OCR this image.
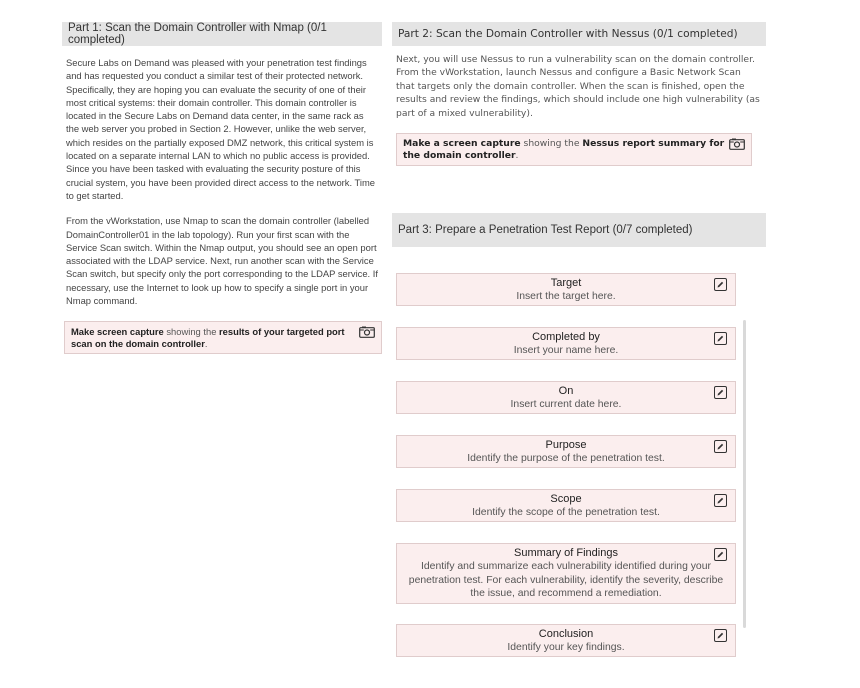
Part 1: Scan the Domain Controller with Nmap (0/1 completed)

Secure Labs on Demand was pleased with your penetration test findings and has requested you conduct a similar test of their protected network. Specifically, they are hoping you can evaluate the security of one of their most critical systems: their domain controller. This domain controller is located in the Secure Labs on Demand data center, in the same rack as the web server you probed in Section 2. However, unlike the web server, which resides on the partially exposed DMZ network, this critical system is located on a separate internal LAN to which no public access is provided. Since you have been tasked with evaluating the security posture of this crucial system, you have been provided direct access to the network. Time to get started.

From the vWorkstation, use Nmap to scan the domain controller (labelled DomainController01 in the lab topology). Run your first scan with the Service Scan switch. Within the Nmap output, you should see an open port associated with the LDAP service. Next, run another scan with the Service Scan switch, but specify only the port corresponding to the LDAP service. If necessary, use the Internet to look up how to specify a single port in your Nmap command.

Make screen capture showing the results of your targeted port scan on the domain controller.
Part 2: Scan the Domain Controller with Nessus (0/1 completed)

Next, you will use Nessus to run a vulnerability scan on the domain controller. From the vWorkstation, launch Nessus and configure a Basic Network Scan that targets only the domain controller. When the scan is finished, open the results and review the findings, which should include one high vulnerability (as part of a mixed vulnerability).

Make a screen capture showing the Nessus report summary for the domain controller.
Part 3: Prepare a Penetration Test Report (0/7 completed)
Target
Insert the target here.
Completed by
Insert your name here.
On
Insert current date here.
Purpose
Identify the purpose of the penetration test.
Scope
Identify the scope of the penetration test.
Summary of Findings
Identify and summarize each vulnerability identified during your penetration test. For each vulnerability, identify the severity, describe the issue, and recommend a remediation.
Conclusion
Identify your key findings.
